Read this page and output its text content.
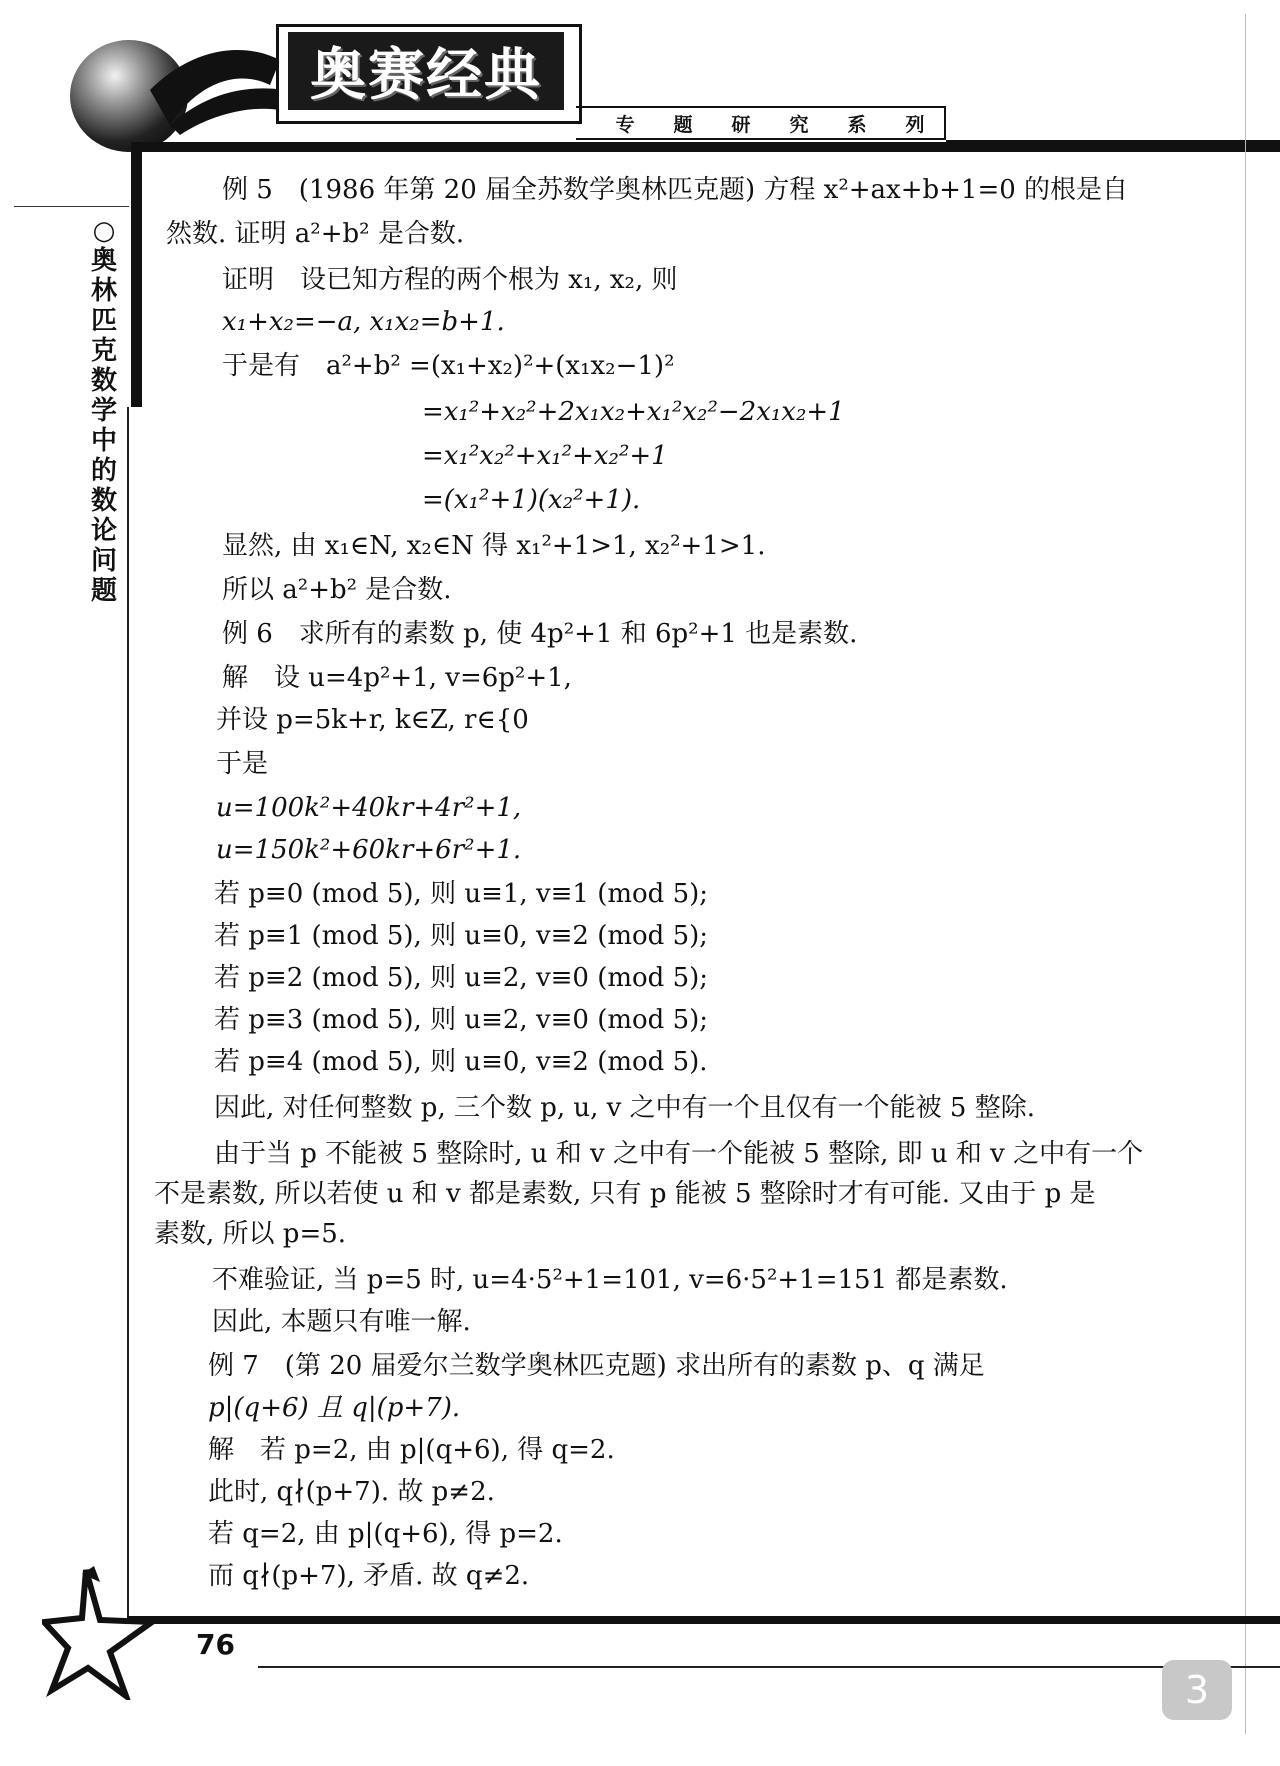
奥赛经典
专 题 研 究 系 列
○
奥
林
匹
克
数
学
中
的
数
论
问
题
例 5　(1986 年第 20 届全苏数学奥林匹克题) 方程 x²+ax+b+1=0 的根是自
然数. 证明 a²+b² 是合数.
证明　设已知方程的两个根为 x₁, x₂, 则
x₁+x₂=−a, x₁x₂=b+1.
于是有　a²+b² =(x₁+x₂)²+(x₁x₂−1)²
=x₁²+x₂²+2x₁x₂+x₁²x₂²−2x₁x₂+1
=x₁²x₂²+x₁²+x₂²+1
=(x₁²+1)(x₂²+1).
显然, 由 x₁∈N, x₂∈N 得 x₁²+1>1, x₂²+1>1.
所以 a²+b² 是合数.
例 6　求所有的素数 p, 使 4p²+1 和 6p²+1 也是素数.
解　设 u=4p²+1, v=6p²+1,
并设 p=5k+r, k∈Z, r∈{0
于是
u=100k²+40kr+4r²+1,
u=150k²+60kr+6r²+1.
若 p≡0 (mod 5), 则 u≡1, v≡1 (mod 5);
若 p≡1 (mod 5), 则 u≡0, v≡2 (mod 5);
若 p≡2 (mod 5), 则 u≡2, v≡0 (mod 5);
若 p≡3 (mod 5), 则 u≡2, v≡0 (mod 5);
若 p≡4 (mod 5), 则 u≡0, v≡2 (mod 5).
因此, 对任何整数 p, 三个数 p, u, v 之中有一个且仅有一个能被 5 整除.
由于当 p 不能被 5 整除时, u 和 v 之中有一个能被 5 整除, 即 u 和 v 之中有一个
不是素数, 所以若使 u 和 v 都是素数, 只有 p 能被 5 整除时才有可能. 又由于 p 是
素数, 所以 p=5.
不难验证, 当 p=5 时, u=4·5²+1=101, v=6·5²+1=151 都是素数.
因此, 本题只有唯一解.
例 7　(第 20 届爱尔兰数学奥林匹克题) 求出所有的素数 p、q 满足
p|(q+6) 且 q|(p+7).
解　若 p=2, 由 p|(q+6), 得 q=2.
此时, q∤(p+7). 故 p≠2.
若 q=2, 由 p|(q+6), 得 p=2.
而 q∤(p+7), 矛盾. 故 q≠2.
76
3
